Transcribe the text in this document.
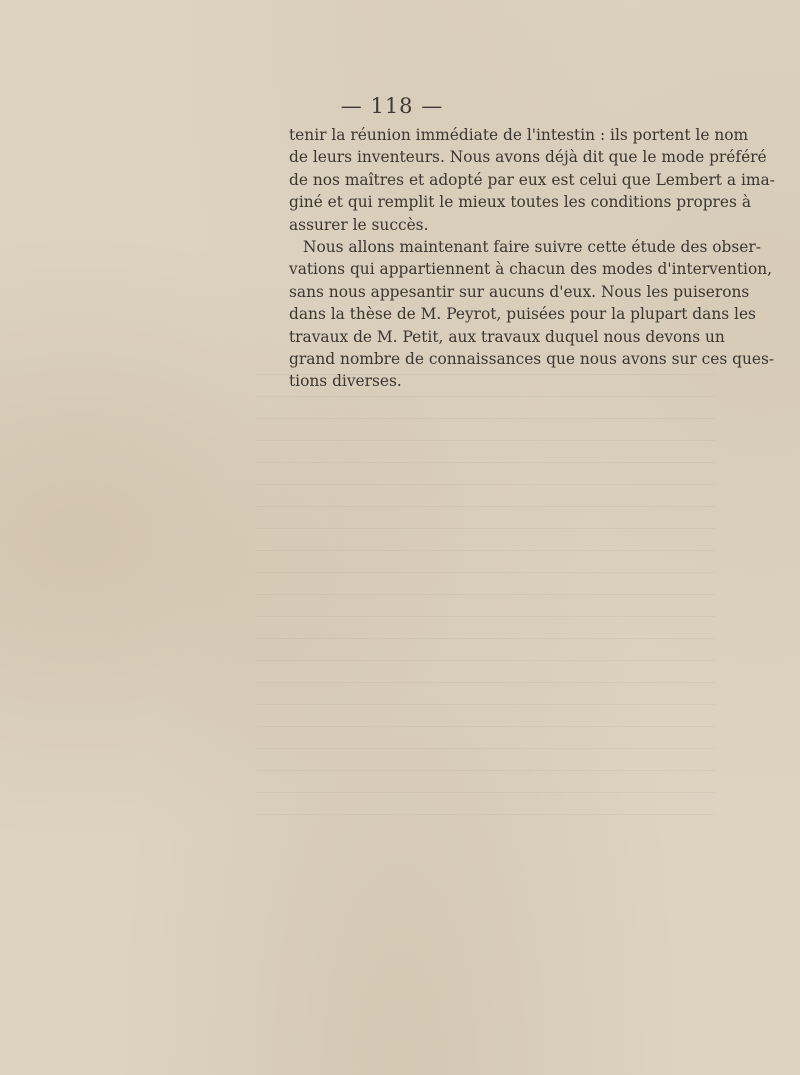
— 118 —
tenir la réunion immédiate de l'intestin : ils portent le nom
de leurs inventeurs. Nous avons déjà dit que le mode préféré
de nos maîtres et adopté par eux est celui que Lembert a ima-
giné et qui remplit le mieux toutes les conditions propres à
assurer le succès.
Nous allons maintenant faire suivre cette étude des obser-
vations qui appartiennent à chacun des modes d'intervention,
sans nous appesantir sur aucuns d'eux. Nous les puiserons
dans la thèse de M. Peyrot, puisées pour la plupart dans les
travaux de M. Petit, aux travaux duquel nous devons un
grand nombre de connaissances que nous avons sur ces ques-
tions diverses.
